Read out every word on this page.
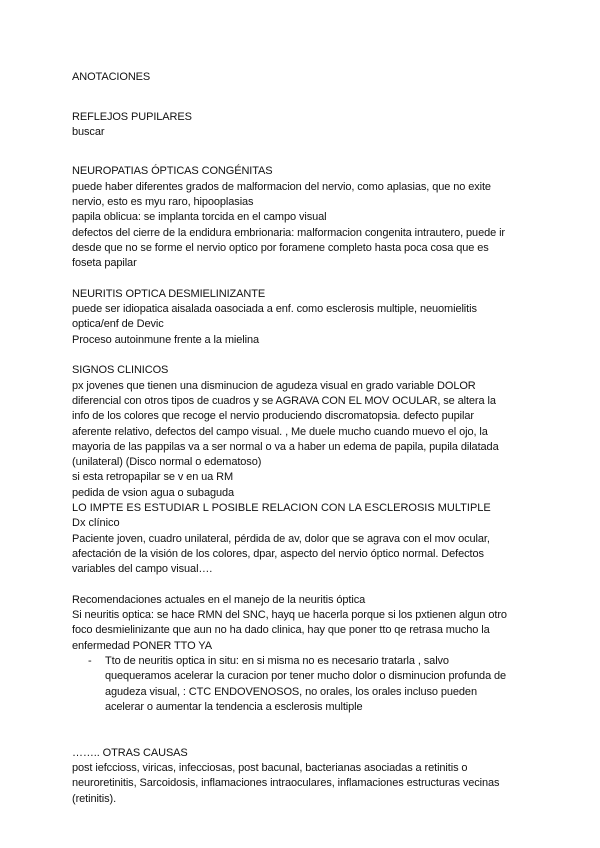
ANOTACIONES
REFLEJOS PUPILARES
buscar
NEUROPATIAS ÓPTICAS CONGÉNITAS
puede haber diferentes grados de malformacion del nervio, como aplasias, que no exite
nervio, esto es myu raro, hipooplasias
papila oblicua: se implanta torcida en el campo visual
defectos del cierre de la endidura embrionaria: malformacion congenita intrautero, puede ir
desde que no se forme el nervio optico por foramene completo hasta poca cosa que es
foseta papilar
NEURITIS OPTICA DESMIELINIZANTE
puede ser idiopatica aisalada oasociada a enf. como esclerosis multiple, neuomielitis
optica/enf de Devic
Proceso autoinmune frente a la mielina
SIGNOS CLINICOS
px jovenes que tienen una disminucion de agudeza visual en grado variable DOLOR
diferencial con otros tipos de cuadros y se AGRAVA CON EL MOV OCULAR, se altera la
info de los colores que recoge el nervio produciendo discromatopsia. defecto pupilar
aferente relativo, defectos del campo visual. , Me duele mucho cuando muevo el ojo, la
mayoria de las pappilas va a ser normal o va a haber un edema de papila, pupila dilatada
(unilateral) (Disco normal o edematoso)
si esta retropapilar se v en ua RM
pedida de vsion agua o subaguda
LO IMPTE ES ESTUDIAR L POSIBLE RELACION CON LA ESCLEROSIS MULTIPLE
Dx clínico
Paciente joven, cuadro unilateral, pérdida de av, dolor que se agrava con el mov ocular,
afectación de la visión de los colores, dpar, aspecto del nervio óptico normal. Defectos
variables del campo visual….
Recomendaciones actuales en el manejo de la neuritis óptica
Si neuritis optica: se hace RMN del SNC, hayq ue hacerla porque si los pxtienen algun otro
foco desmielinizante que aun no ha dado clinica, hay que poner tto qe retrasa mucho la
enfermedad PONER TTO YA
- Tto de neuritis optica in situ: en si misma no es necesario tratarla , salvo
quequeramos acelerar la curacion por tener mucho dolor o disminucion profunda de
agudeza visual, : CTC ENDOVENOSOS, no orales, los orales incluso pueden
acelerar o aumentar la tendencia a esclerosis multiple
…….. OTRAS CAUSAS
post iefccioss, viricas, infecciosas, post bacunal, bacterianas asociadas a retinitis o
neuroretinitis, Sarcoidosis, inflamaciones intraoculares, inflamaciones estructuras vecinas
(retinitis).
